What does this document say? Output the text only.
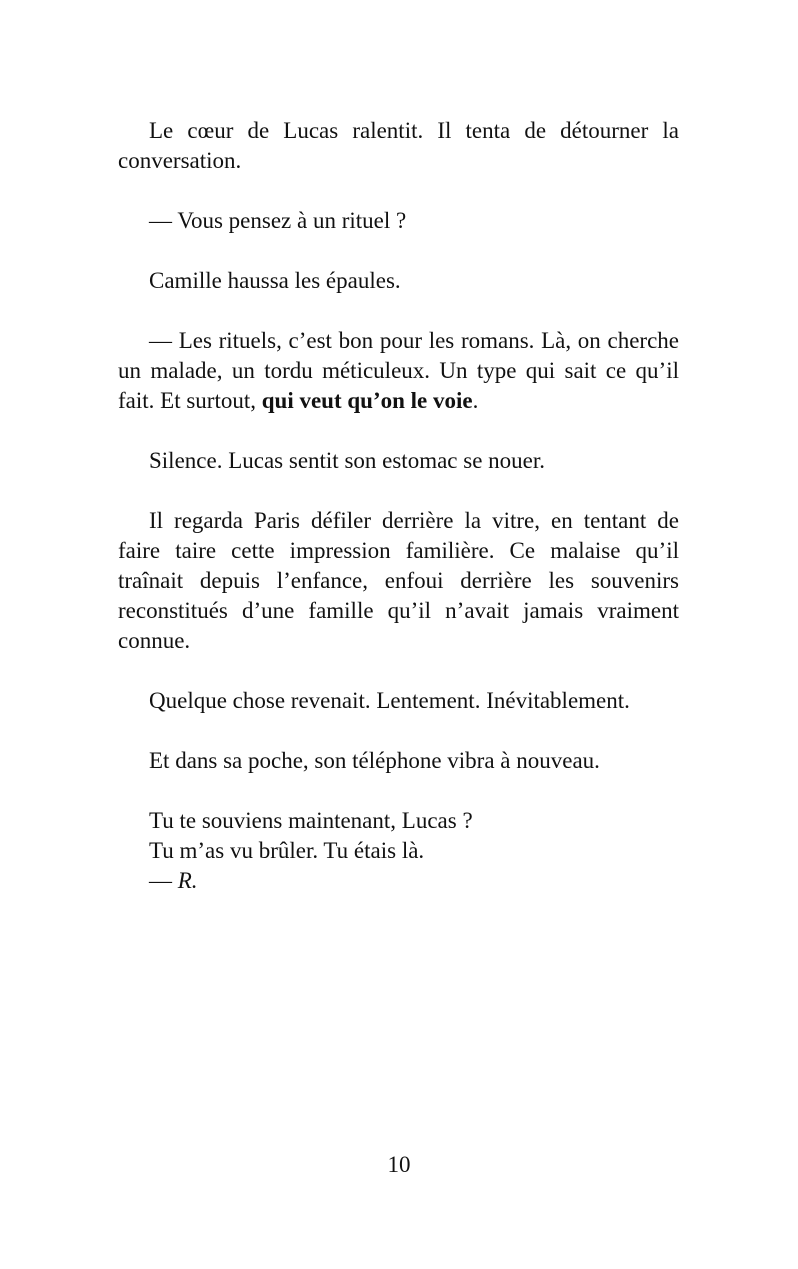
Le cœur de Lucas ralentit. Il tenta de détourner la conversation.

— Vous pensez à un rituel ?

Camille haussa les épaules.

— Les rituels, c’est bon pour les romans. Là, on cherche un malade, un tordu méticuleux. Un type qui sait ce qu’il fait. Et surtout, qui veut qu’on le voie.

Silence. Lucas sentit son estomac se nouer.

Il regarda Paris défiler derrière la vitre, en tentant de faire taire cette impression familière. Ce malaise qu’il traînait depuis l’enfance, enfoui derrière les souvenirs reconstitués d’une famille qu’il n’avait jamais vraiment connue.

Quelque chose revenait. Lentement. Inévitablement.

Et dans sa poche, son téléphone vibra à nouveau.

Tu te souviens maintenant, Lucas ?
Tu m’as vu brûler. Tu étais là.
— R.
10
